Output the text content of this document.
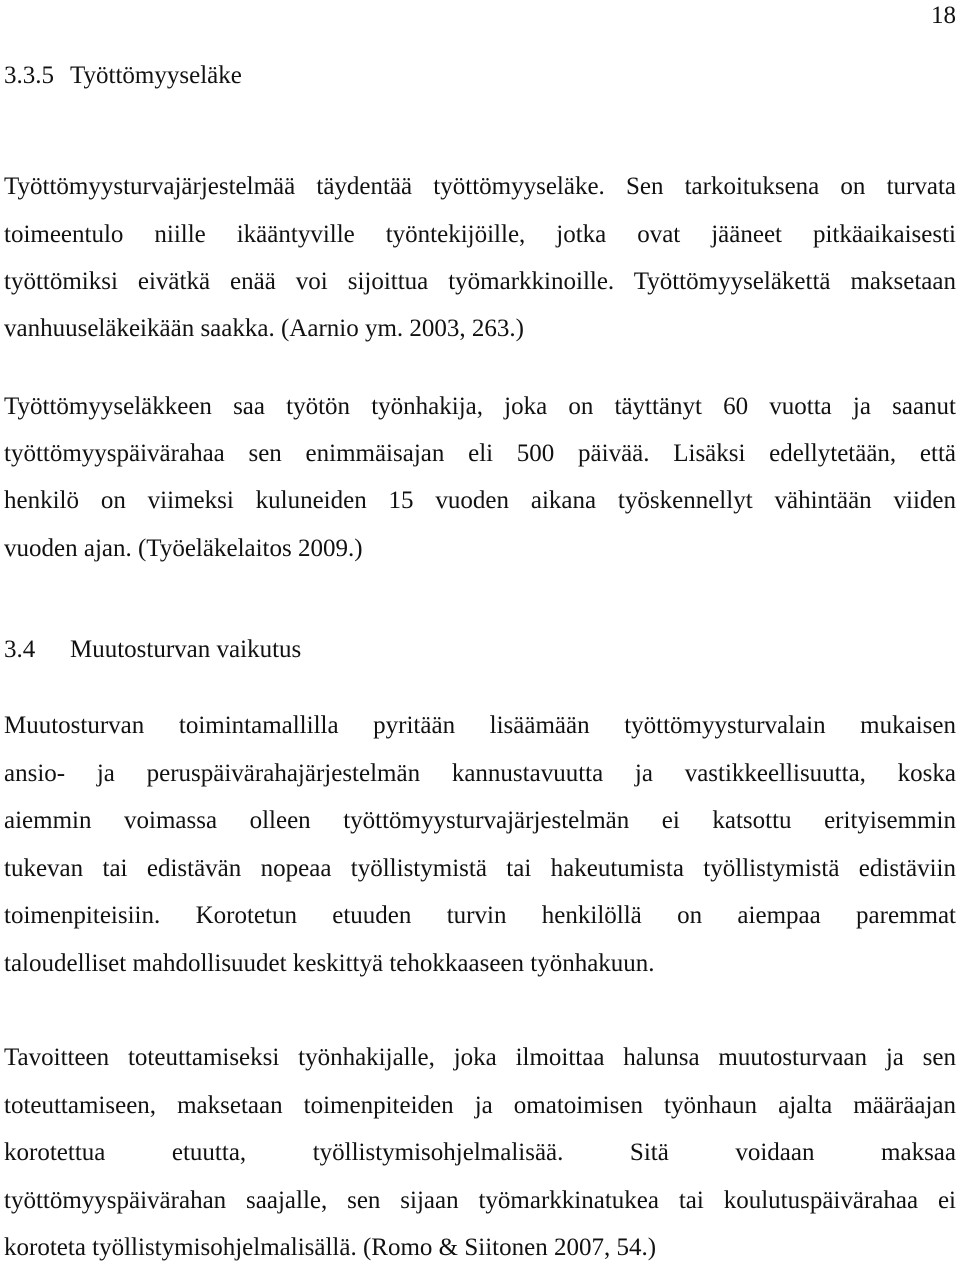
18
3.3.5 Työttömyyseläke
Työttömyysturvajärjestelmää täydentää työttömyyseläke. Sen tarkoituksena on turvata
toimeentulo niille ikääntyville työntekijöille, jotka ovat jääneet pitkäaikaisesti
työttömiksi eivätkä enää voi sijoittua työmarkkinoille. Työttömyyseläkettä maksetaan
vanhuuseläkeikään saakka. (Aarnio ym. 2003, 263.)
Työttömyyseläkkeen saa työtön työnhakija, joka on täyttänyt 60 vuotta ja saanut
työttömyyspäivärahaa sen enimmäisajan eli 500 päivää. Lisäksi edellytetään, että
henkilö on viimeksi kuluneiden 15 vuoden aikana työskennellyt vähintään viiden
vuoden ajan. (Työeläkelaitos 2009.)
3.4 Muutosturvan vaikutus
Muutosturvan toimintamallilla pyritään lisäämään työttömyysturvalain mukaisen
ansio- ja peruspäivärahajärjestelmän kannustavuutta ja vastikkeellisuutta, koska
aiemmin voimassa olleen työttömyysturvajärjestelmän ei katsottu erityisemmin
tukevan tai edistävän nopeaa työllistymistä tai hakeutumista työllistymistä edistäviin
toimenpiteisiin. Korotetun etuuden turvin henkilöllä on aiempaa paremmat
taloudelliset mahdollisuudet keskittyä tehokkaaseen työnhakuun.
Tavoitteen toteuttamiseksi työnhakijalle, joka ilmoittaa halunsa muutosturvaan ja sen
toteuttamiseen, maksetaan toimenpiteiden ja omatoimisen työnhaun ajalta määräajan
korotettua etuutta, työllistymisohjelmalisää. Sitä voidaan maksaa
työttömyyspäivärahan saajalle, sen sijaan työmarkkinatukea tai koulutuspäivärahaa ei
koroteta työllistymisohjelmalisällä. (Romo & Siitonen 2007, 54.)
